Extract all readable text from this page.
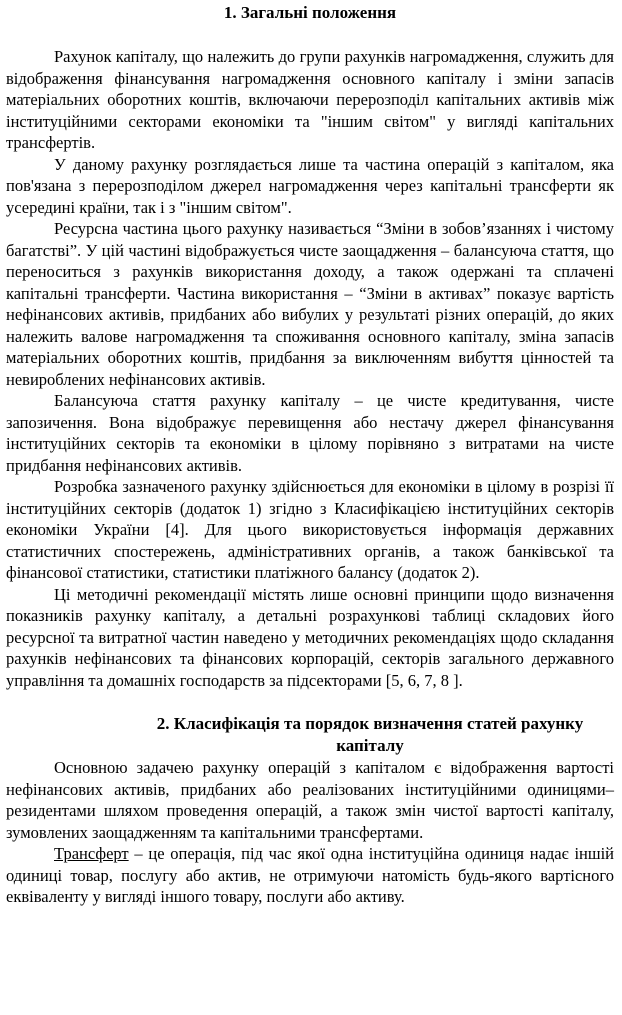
1. Загальні положення

Рахунок капіталу, що належить до групи рахунків нагромадження, служить для відображення фінансування нагромадження основного капіталу і зміни запасів матеріальних оборотних коштів, включаючи перерозподіл капітальних активів між інституційними секторами економіки та "іншим світом" у вигляді капітальних трансфертів.

У даному рахунку розглядається лише та частина операцій з капіталом, яка пов'язана з перерозподілом джерел нагромадження через капітальні трансферти як усередині країни, так і з "іншим світом".

Ресурсна частина цього рахунку називається “Зміни в зобов’язаннях і чистому багатстві”. У цій частині відображується чисте заощадження – балансуюча стаття, що переноситься з рахунків використання доходу, а також одержані та сплачені капітальні трансферти. Частина використання – “Зміни в активах” показує вартість нефінансових активів, придбаних або вибулих у результаті різних операцій, до яких належить валове нагромадження та споживання основного капіталу, зміна запасів матеріальних оборотних коштів, придбання за виключенням вибуття цінностей та невироблених нефінансових активів.

Балансуюча стаття рахунку капіталу – це чисте кредитування, чисте запозичення. Вона відображує перевищення або нестачу джерел фінансування інституційних секторів та економіки в цілому порівняно з витратами на чисте придбання нефінансових активів.

Розробка зазначеного рахунку здійснюється для економіки в цілому в розрізі її інституційних секторів (додаток 1) згідно з Класифікацією інституційних секторів економіки України [4]. Для цього використовується інформація державних статистичних спостережень, адміністративних органів, а також банківської та фінансової статистики, статистики платіжного балансу (додаток 2).

Ці методичні рекомендації містять лише основні принципи щодо визначення показників рахунку капіталу, а детальні розрахункові таблиці складових його ресурсної та витратної частин наведено у методичних рекомендаціях щодо складання рахунків нефінансових та фінансових корпорацій, секторів загального державного управління та домашніх господарств за підсекторами [5, 6, 7, 8 ].

2. Класифікація та порядок визначення статей рахунку капіталу

Основною задачею рахунку операцій з капіталом є відображення вартості нефінансових активів, придбаних або реалізованих інституційними одиницями–резидентами шляхом проведення операцій, а також змін чистої вартості капіталу, зумовлених заощадженням та капітальними трансфертами.

Трансферт – це операція, під час якої одна інституційна одиниця надає іншій одиниці товар, послугу або актив, не отримуючи натомість будь-якого вартісного еквіваленту у вигляді іншого товару, послуги або активу.
